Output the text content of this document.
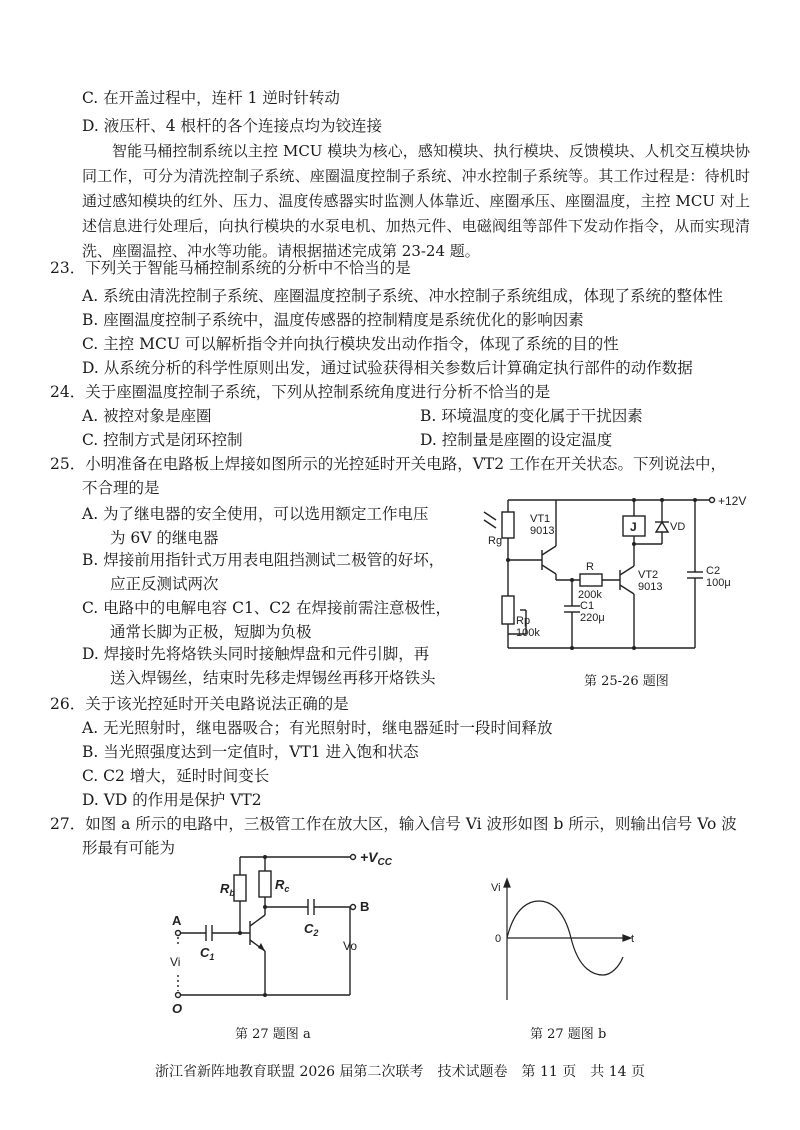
C. 在开盖过程中，连杆 1 逆时针转动
D. 液压杆、4 根杆的各个连接点均为铰连接
智能马桶控制系统以主控 MCU 模块为核心，感知模块、执行模块、反馈模块、人机交互模块协同工作，可分为清洗控制子系统、座圈温度控制子系统、冲水控制子系统等。其工作过程是：待机时通过感知模块的红外、压力、温度传感器实时监测人体靠近、座圈承压、座圈温度，主控 MCU 对上述信息进行处理后，向执行模块的水泵电机、加热元件、电磁阀组等部件下发动作指令，从而实现清洗、座圈温控、冲水等功能。请根据描述完成第 23-24 题。
23．下列关于智能马桶控制系统的分析中不恰当的是
A. 系统由清洗控制子系统、座圈温度控制子系统、冲水控制子系统组成，体现了系统的整体性
B. 座圈温度控制子系统中，温度传感器的控制精度是系统优化的影响因素
C. 主控 MCU 可以解析指令并向执行模块发出动作指令，体现了系统的目的性
D. 从系统分析的科学性原则出发，通过试验获得相关参数后计算确定执行部件的动作数据
24．关于座圈温度控制子系统，下列从控制系统角度进行分析不恰当的是
A. 被控对象是座圈	B. 环境温度的变化属于干扰因素
C. 控制方式是闭环控制	D. 控制量是座圈的设定温度
25．小明准备在电路板上焊接如图所示的光控延时开关电路，VT2 工作在开关状态。下列说法中，
不合理的是
A. 为了继电器的安全使用，可以选用额定工作电压
为 6V 的继电器
B. 焊接前用指针式万用表电阻挡测试二极管的好坏，
应正反测试两次
C. 电路中的电解电容 C1、C2 在焊接前需注意极性，
通常长脚为正极，短脚为负极
D. 焊接时先将烙铁头同时接触焊盘和元件引脚，再
送入焊锡丝，结束时先移走焊锡丝再移开烙铁头
+12V
Rg
VT1
9013
R
200k
VT2
9013
J	VD
C2
100μ
C1
220μ
Rp
100k
第 25-26 题图
26．关于该光控延时开关电路说法正确的是
A. 无光照射时，继电器吸合；有光照射时，继电器延时一段时间释放
B. 当光照强度达到一定值时，VT1 进入饱和状态
C. C2 增大，延时时间变长
D. VD 的作用是保护 VT2
27．如图 a 所示的电路中，三极管工作在放大区，输入信号 Vi 波形如图 b 所示，则输出信号 Vo 波
形最有可能为	$+V_{CC}$
$R_b$
$R_c$
$C_1$
$C_2$
A
B
O
Vi
Vo
第 27 题图 a
Vi
0	t
第 27 题图 b
浙江省新阵地教育联盟 2026 届第二次联考　技术试题卷　第 11 页　共 14 页
